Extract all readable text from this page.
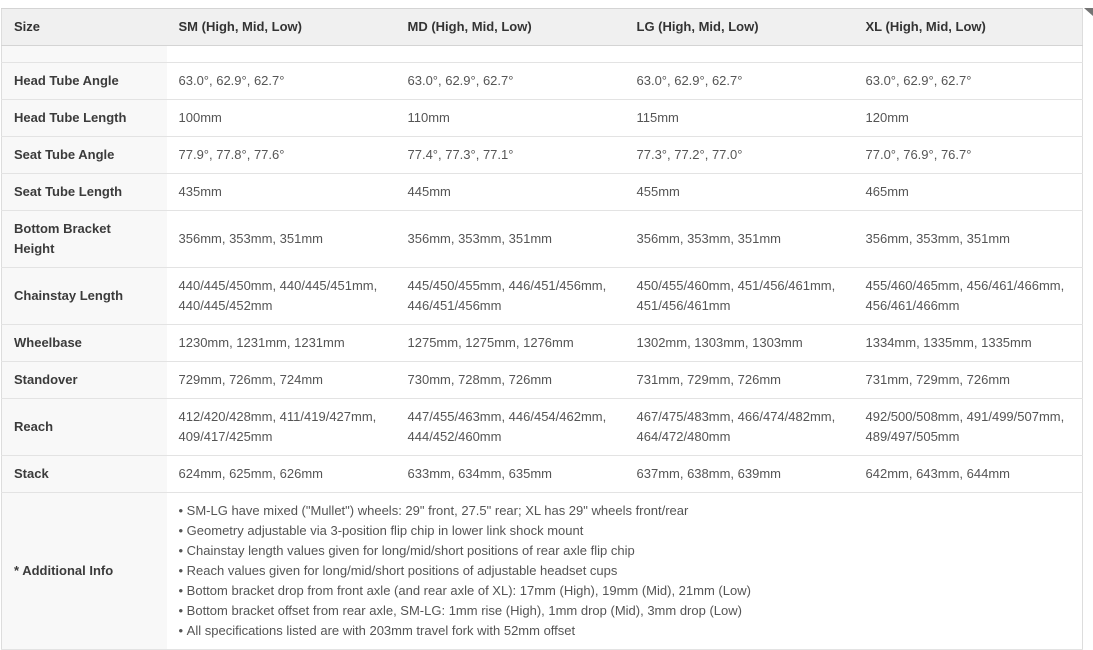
Size	SM (High, Mid, Low)	MD (High, Mid, Low)	LG (High, Mid, Low)	XL (High, Mid, Low)

Head Tube Angle	63.0°, 62.9°, 62.7°	63.0°, 62.9°, 62.7°	63.0°, 62.9°, 62.7°	63.0°, 62.9°, 62.7°
Head Tube Length	100mm	110mm	115mm	120mm
Seat Tube Angle	77.9°, 77.8°, 77.6°	77.4°, 77.3°, 77.1°	77.3°, 77.2°, 77.0°	77.0°, 76.9°, 76.7°
Seat Tube Length	435mm	445mm	455mm	465mm
Bottom Bracket Height	356mm, 353mm, 351mm	356mm, 353mm, 351mm	356mm, 353mm, 351mm	356mm, 353mm, 351mm
Chainstay Length	440/445/450mm, 440/445/451mm, 440/445/452mm	445/450/455mm, 446/451/456mm, 446/451/456mm	450/455/460mm, 451/456/461mm, 451/456/461mm	455/460/465mm, 456/461/466mm, 456/461/466mm
Wheelbase	1230mm, 1231mm, 1231mm	1275mm, 1275mm, 1276mm	1302mm, 1303mm, 1303mm	1334mm, 1335mm, 1335mm
Standover	729mm, 726mm, 724mm	730mm, 728mm, 726mm	731mm, 729mm, 726mm	731mm, 729mm, 726mm
Reach	412/420/428mm, 411/419/427mm, 409/417/425mm	447/455/463mm, 446/454/462mm, 444/452/460mm	467/475/483mm, 466/474/482mm, 464/472/480mm	492/500/508mm, 491/499/507mm, 489/497/505mm
Stack	624mm, 625mm, 626mm	633mm, 634mm, 635mm	637mm, 638mm, 639mm	642mm, 643mm, 644mm
* Additional Info	
• SM-LG have mixed ("Mullet") wheels: 29" front, 27.5" rear; XL has 29" wheels front/rear
• Geometry adjustable via 3-position flip chip in lower link shock mount
• Chainstay length values given for long/mid/short positions of rear axle flip chip
• Reach values given for long/mid/short positions of adjustable headset cups
• Bottom bracket drop from front axle (and rear axle of XL): 17mm (High), 19mm (Mid), 21mm (Low)
• Bottom bracket offset from rear axle, SM-LG: 1mm rise (High), 1mm drop (Mid), 3mm drop (Low)
• All specifications listed are with 203mm travel fork with 52mm offset
